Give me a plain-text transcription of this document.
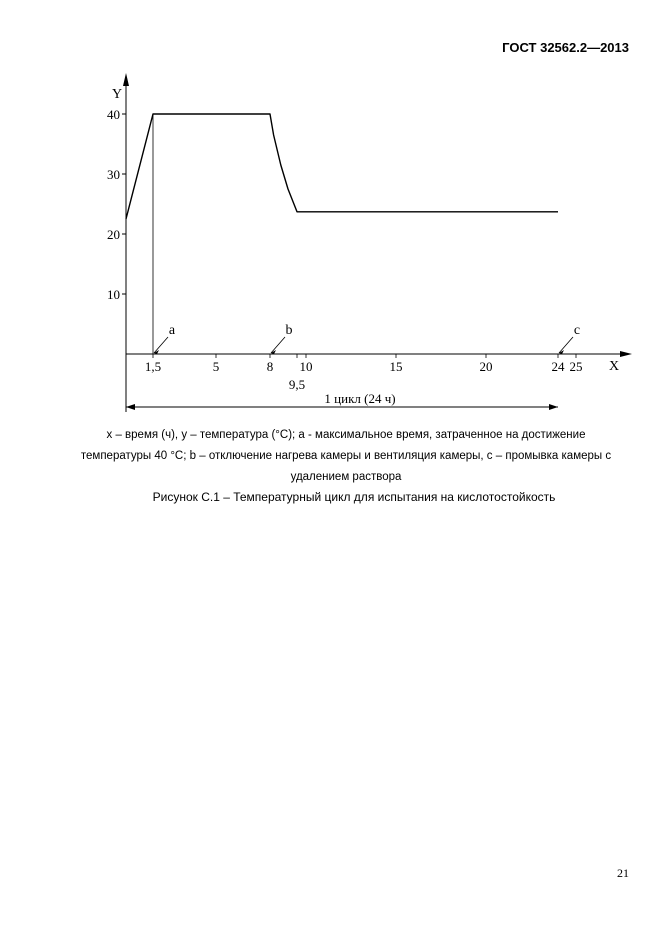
ГОСТ 32562.2—2013
Y
X
10
20
30
40
1,5	5	8
9,5
10	15	20	24 25
a	b	c
1 цикл (24 ч)
x – время (ч), y – температура (°С); a - максимальное время, затраченное на достижение
температуры 40 °С; b – отключение нагрева камеры и вентиляция камеры, c – промывка камеры с
удалением раствора
Рисунок С.1 – Температурный цикл для испытания на кислотостойкость
21
